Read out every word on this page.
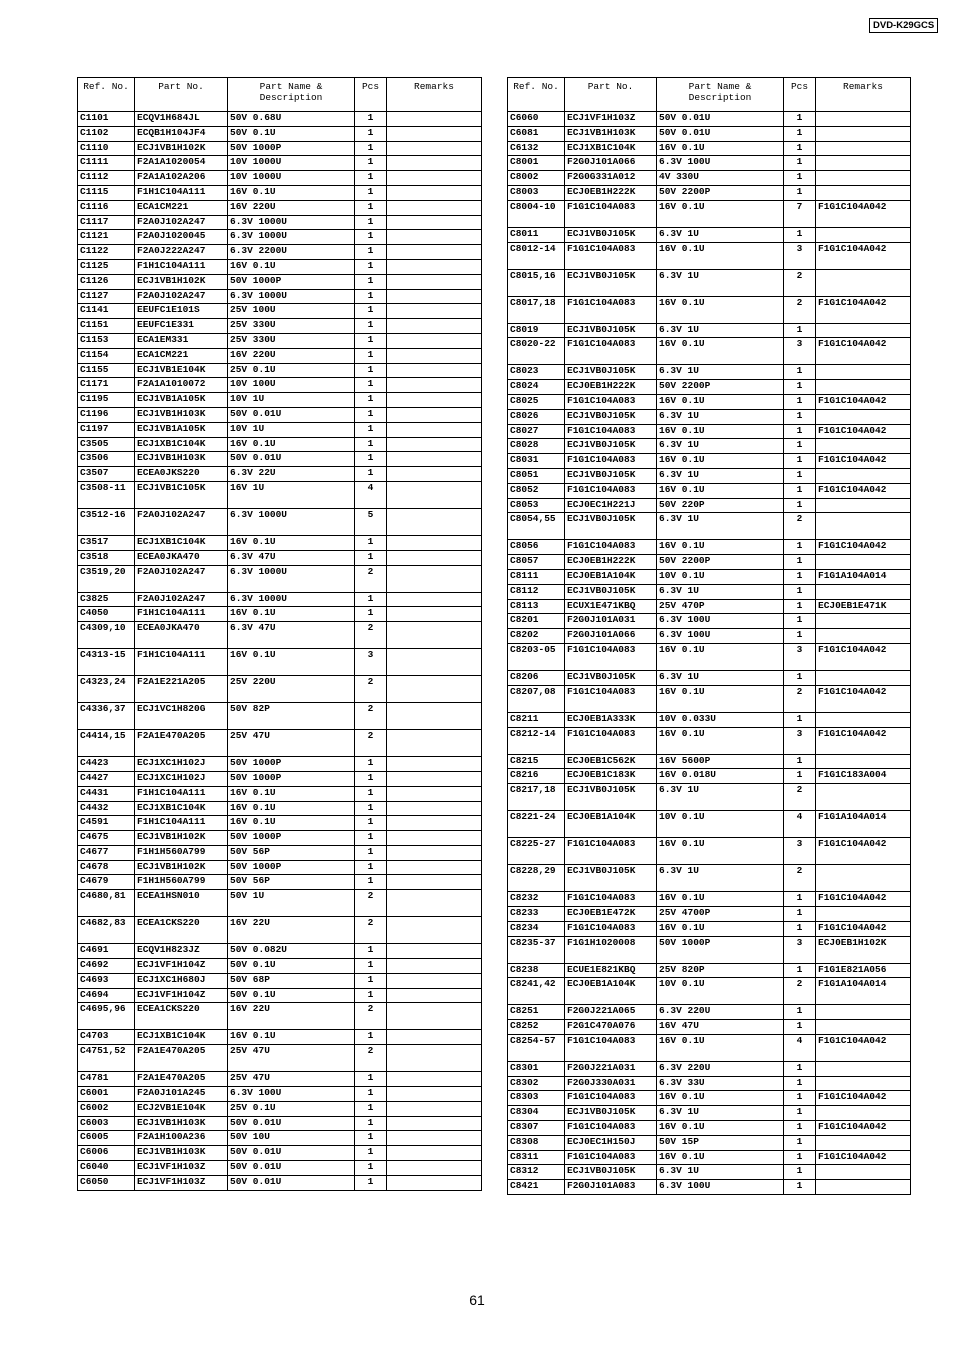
DVD-K29GCS
Ref. No.	Part No.	Part Name & Description	Pcs	Remarks
C1101	ECQV1H684JL	50V 0.68U	1	
C1102	ECQB1H104JF4	50V 0.1U	1	
C1110	ECJ1VB1H102K	50V 1000P	1	
C1111	F2A1A1020054	10V 1000U	1	
C1112	F2A1A102A206	10V 1000U	1	
C1115	F1H1C104A111	16V 0.1U	1	
C1116	ECA1CM221	16V 220U	1	
C1117	F2A0J102A247	6.3V 1000U	1	
C1121	F2A0J1020045	6.3V 1000U	1	
C1122	F2A0J222A247	6.3V 2200U	1	
C1125	F1H1C104A111	16V 0.1U	1	
C1126	ECJ1VB1H102K	50V 1000P	1	
C1127	F2A0J102A247	6.3V 1000U	1	
C1141	EEUFC1E101S	25V 100U	1	
C1151	EEUFC1E331	25V 330U	1	
C1153	ECA1EM331	25V 330U	1	
C1154	ECA1CM221	16V 220U	1	
C1155	ECJ1VB1E104K	25V 0.1U	1	
C1171	F2A1A1010072	10V 100U	1	
C1195	ECJ1VB1A105K	10V 1U	1	
C1196	ECJ1VB1H103K	50V 0.01U	1	
C1197	ECJ1VB1A105K	10V 1U	1	
C3505	ECJ1XB1C104K	16V 0.1U	1	
C3506	ECJ1VB1H103K	50V 0.01U	1	
C3507	ECEA0JKS220	6.3V 22U	1	
C3508-11	ECJ1VB1C105K	16V 1U	4	
C3512-16	F2A0J102A247	6.3V 1000U	5	
C3517	ECJ1XB1C104K	16V 0.1U	1	
C3518	ECEA0JKA470	6.3V 47U	1	
C3519,20	F2A0J102A247	6.3V 1000U	2	
C3825	F2A0J102A247	6.3V 1000U	1	
C4050	F1H1C104A111	16V 0.1U	1	
C4309,10	ECEA0JKA470	6.3V 47U	2	
C4313-15	F1H1C104A111	16V 0.1U	3	
C4323,24	F2A1E221A205	25V 220U	2	
C4336,37	ECJ1VC1H820G	50V 82P	2	
C4414,15	F2A1E470A205	25V 47U	2	
C4423	ECJ1XC1H102J	50V 1000P	1	
C4427	ECJ1XC1H102J	50V 1000P	1	
C4431	F1H1C104A111	16V 0.1U	1	
C4432	ECJ1XB1C104K	16V 0.1U	1	
C4591	F1H1C104A111	16V 0.1U	1	
C4675	ECJ1VB1H102K	50V 1000P	1	
C4677	F1H1H560A799	50V 56P	1	
C4678	ECJ1VB1H102K	50V 1000P	1	
C4679	F1H1H560A799	50V 56P	1	
C4680,81	ECEA1HSN010	50V 1U	2	
C4682,83	ECEA1CKS220	16V 22U	2	
C4691	ECQV1H823JZ	50V 0.082U	1	
C4692	ECJ1VF1H104Z	50V 0.1U	1	
C4693	ECJ1XC1H680J	50V 68P	1	
C4694	ECJ1VF1H104Z	50V 0.1U	1	
C4695,96	ECEA1CKS220	16V 22U	2	
C4703	ECJ1XB1C104K	16V 0.1U	1	
C4751,52	F2A1E470A205	25V 47U	2	
C4781	F2A1E470A205	25V 47U	1	
C6001	F2A0J101A245	6.3V 100U	1	
C6002	ECJ2VB1E104K	25V 0.1U	1	
C6003	ECJ1VB1H103K	50V 0.01U	1	
C6005	F2A1H100A236	50V 10U	1	
C6006	ECJ1VB1H103K	50V 0.01U	1	
C6040	ECJ1VF1H103Z	50V 0.01U	1	
C6050	ECJ1VF1H103Z	50V 0.01U	1	
Ref. No.	Part No.	Part Name & Description	Pcs	Remarks
C6060	ECJ1VF1H103Z	50V 0.01U	1	
C6081	ECJ1VB1H103K	50V 0.01U	1	
C6132	ECJ1XB1C104K	16V 0.1U	1	
C8001	F2G0J101A066	6.3V 100U	1	
C8002	F2G0G331A012	4V 330U	1	
C8003	ECJ0EB1H222K	50V 2200P	1	
C8004-10	F1G1C104A083	16V 0.1U	7	F1G1C104A042
C8011	ECJ1VB0J105K	6.3V 1U	1	
C8012-14	F1G1C104A083	16V 0.1U	3	F1G1C104A042
C8015,16	ECJ1VB0J105K	6.3V 1U	2	
C8017,18	F1G1C104A083	16V 0.1U	2	F1G1C104A042
C8019	ECJ1VB0J105K	6.3V 1U	1	
C8020-22	F1G1C104A083	16V 0.1U	3	F1G1C104A042
C8023	ECJ1VB0J105K	6.3V 1U	1	
C8024	ECJ0EB1H222K	50V 2200P	1	
C8025	F1G1C104A083	16V 0.1U	1	F1G1C104A042
C8026	ECJ1VB0J105K	6.3V 1U	1	
C8027	F1G1C104A083	16V 0.1U	1	F1G1C104A042
C8028	ECJ1VB0J105K	6.3V 1U	1	
C8031	F1G1C104A083	16V 0.1U	1	F1G1C104A042
C8051	ECJ1VB0J105K	6.3V 1U	1	
C8052	F1G1C104A083	16V 0.1U	1	F1G1C104A042
C8053	ECJ0EC1H221J	50V 220P	1	
C8054,55	ECJ1VB0J105K	6.3V 1U	2	
C8056	F1G1C104A083	16V 0.1U	1	F1G1C104A042
C8057	ECJ0EB1H222K	50V 2200P	1	
C8111	ECJ0EB1A104K	10V 0.1U	1	F1G1A104A014
C8112	ECJ1VB0J105K	6.3V 1U	1	
C8113	ECUX1E471KBQ	25V 470P	1	ECJ0EB1E471K
C8201	F2G0J101A031	6.3V 100U	1	
C8202	F2G0J101A066	6.3V 100U	1	
C8203-05	F1G1C104A083	16V 0.1U	3	F1G1C104A042
C8206	ECJ1VB0J105K	6.3V 1U	1	
C8207,08	F1G1C104A083	16V 0.1U	2	F1G1C104A042
C8211	ECJ0EB1A333K	10V 0.033U	1	
C8212-14	F1G1C104A083	16V 0.1U	3	F1G1C104A042
C8215	ECJ0EB1C562K	16V 5600P	1	
C8216	ECJ0EB1C183K	16V 0.018U	1	F1G1C183A004
C8217,18	ECJ1VB0J105K	6.3V 1U	2	
C8221-24	ECJ0EB1A104K	10V 0.1U	4	F1G1A104A014
C8225-27	F1G1C104A083	16V 0.1U	3	F1G1C104A042
C8228,29	ECJ1VB0J105K	6.3V 1U	2	
C8232	F1G1C104A083	16V 0.1U	1	F1G1C104A042
C8233	ECJ0EB1E472K	25V 4700P	1	
C8234	F1G1C104A083	16V 0.1U	1	F1G1C104A042
C8235-37	F1G1H1020008	50V 1000P	3	ECJ0EB1H102K
C8238	ECUE1E821KBQ	25V 820P	1	F1G1E821A056
C8241,42	ECJ0EB1A104K	10V 0.1U	2	F1G1A104A014
C8251	F2G0J221A065	6.3V 220U	1	
C8252	F2G1C470A076	16V 47U	1	
C8254-57	F1G1C104A083	16V 0.1U	4	F1G1C104A042
C8301	F2G0J221A031	6.3V 220U	1	
C8302	F2G0J330A031	6.3V 33U	1	
C8303	F1G1C104A083	16V 0.1U	1	F1G1C104A042
C8304	ECJ1VB0J105K	6.3V 1U	1	
C8307	F1G1C104A083	16V 0.1U	1	F1G1C104A042
C8308	ECJ0EC1H150J	50V 15P	1	
C8311	F1G1C104A083	16V 0.1U	1	F1G1C104A042
C8312	ECJ1VB0J105K	6.3V 1U	1	
C8421	F2G0J101A083	6.3V 100U	1	
61
